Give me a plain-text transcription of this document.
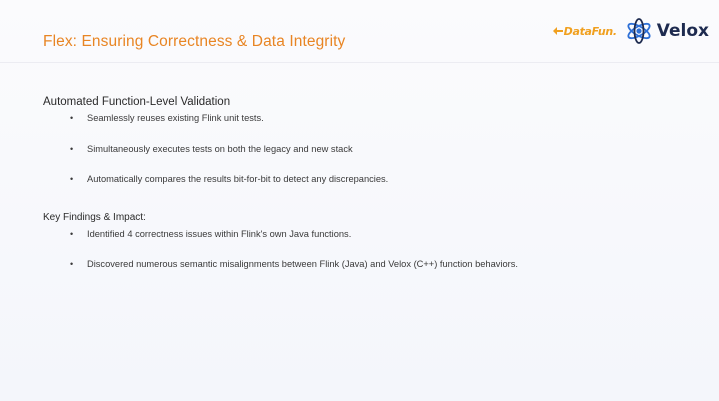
Flex: Ensuring Correctness & Data Integrity
DataFun. Velox
Automated Function-Level Validation
• Seamlessly reuses existing Flink unit tests.
• Simultaneously executes tests on both the legacy and new stack
• Automatically compares the results bit-for-bit to detect any discrepancies.
Key Findings & Impact:
• Identified 4 correctness issues within Flink's own Java functions.
• Discovered numerous semantic misalignments between Flink (Java) and Velox (C++) function behaviors.
